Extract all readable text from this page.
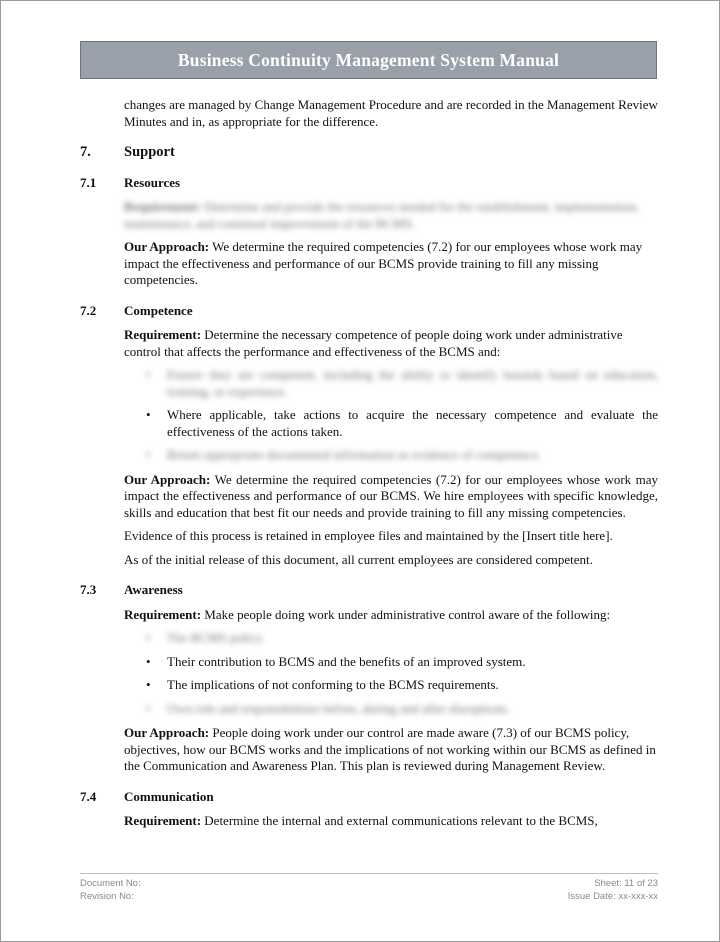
Business Continuity Management System Manual

changes are managed by Change Management Procedure and are recorded in the Management Review Minutes and in, as appropriate for the difference.

7.	Support
7.1	Resources

Requirement: Determine and provide the resources needed for the establishment, implementation, maintenance, and continual improvement of the BCMS.

Our Approach: We determine the required competencies (7.2) for our employees whose work may impact the effectiveness and performance of our BCMS provide training to fill any missing competencies.

7.2	Competence

Requirement: Determine the necessary competence of people doing work under administrative control that affects the performance and effectiveness of the BCMS and:

• Ensure they are competent, including the ability to identify hazards based on education, training, or experience.
• Where applicable, take actions to acquire the necessary competence and evaluate the effectiveness of the actions taken.
• Retain appropriate documented information as evidence of competence.

Our Approach: We determine the required competencies (7.2) for our employees whose work may impact the effectiveness and performance of our BCMS. We hire employees with specific knowledge, skills and education that best fit our needs and provide training to fill any missing competencies.

Evidence of this process is retained in employee files and maintained by the [Insert title here].

As of the initial release of this document, all current employees are considered competent.

7.3	Awareness

Requirement: Make people doing work under administrative control aware of the following:

• The BCMS policy.
• Their contribution to BCMS and the benefits of an improved system.
• The implications of not conforming to the BCMS requirements.
• Own role and responsibilities before, during and after disruptions.

Our Approach: People doing work under our control are made aware (7.3) of our BCMS policy, objectives, how our BCMS works and the implications of not working within our BCMS as defined in the Communication and Awareness Plan. This plan is reviewed during Management Review.

7.4	Communication

Requirement: Determine the internal and external communications relevant to the BCMS,

Document No:	Sheet: 11 of 23
Revision No:	Issue Date: xx-xxx-xx
